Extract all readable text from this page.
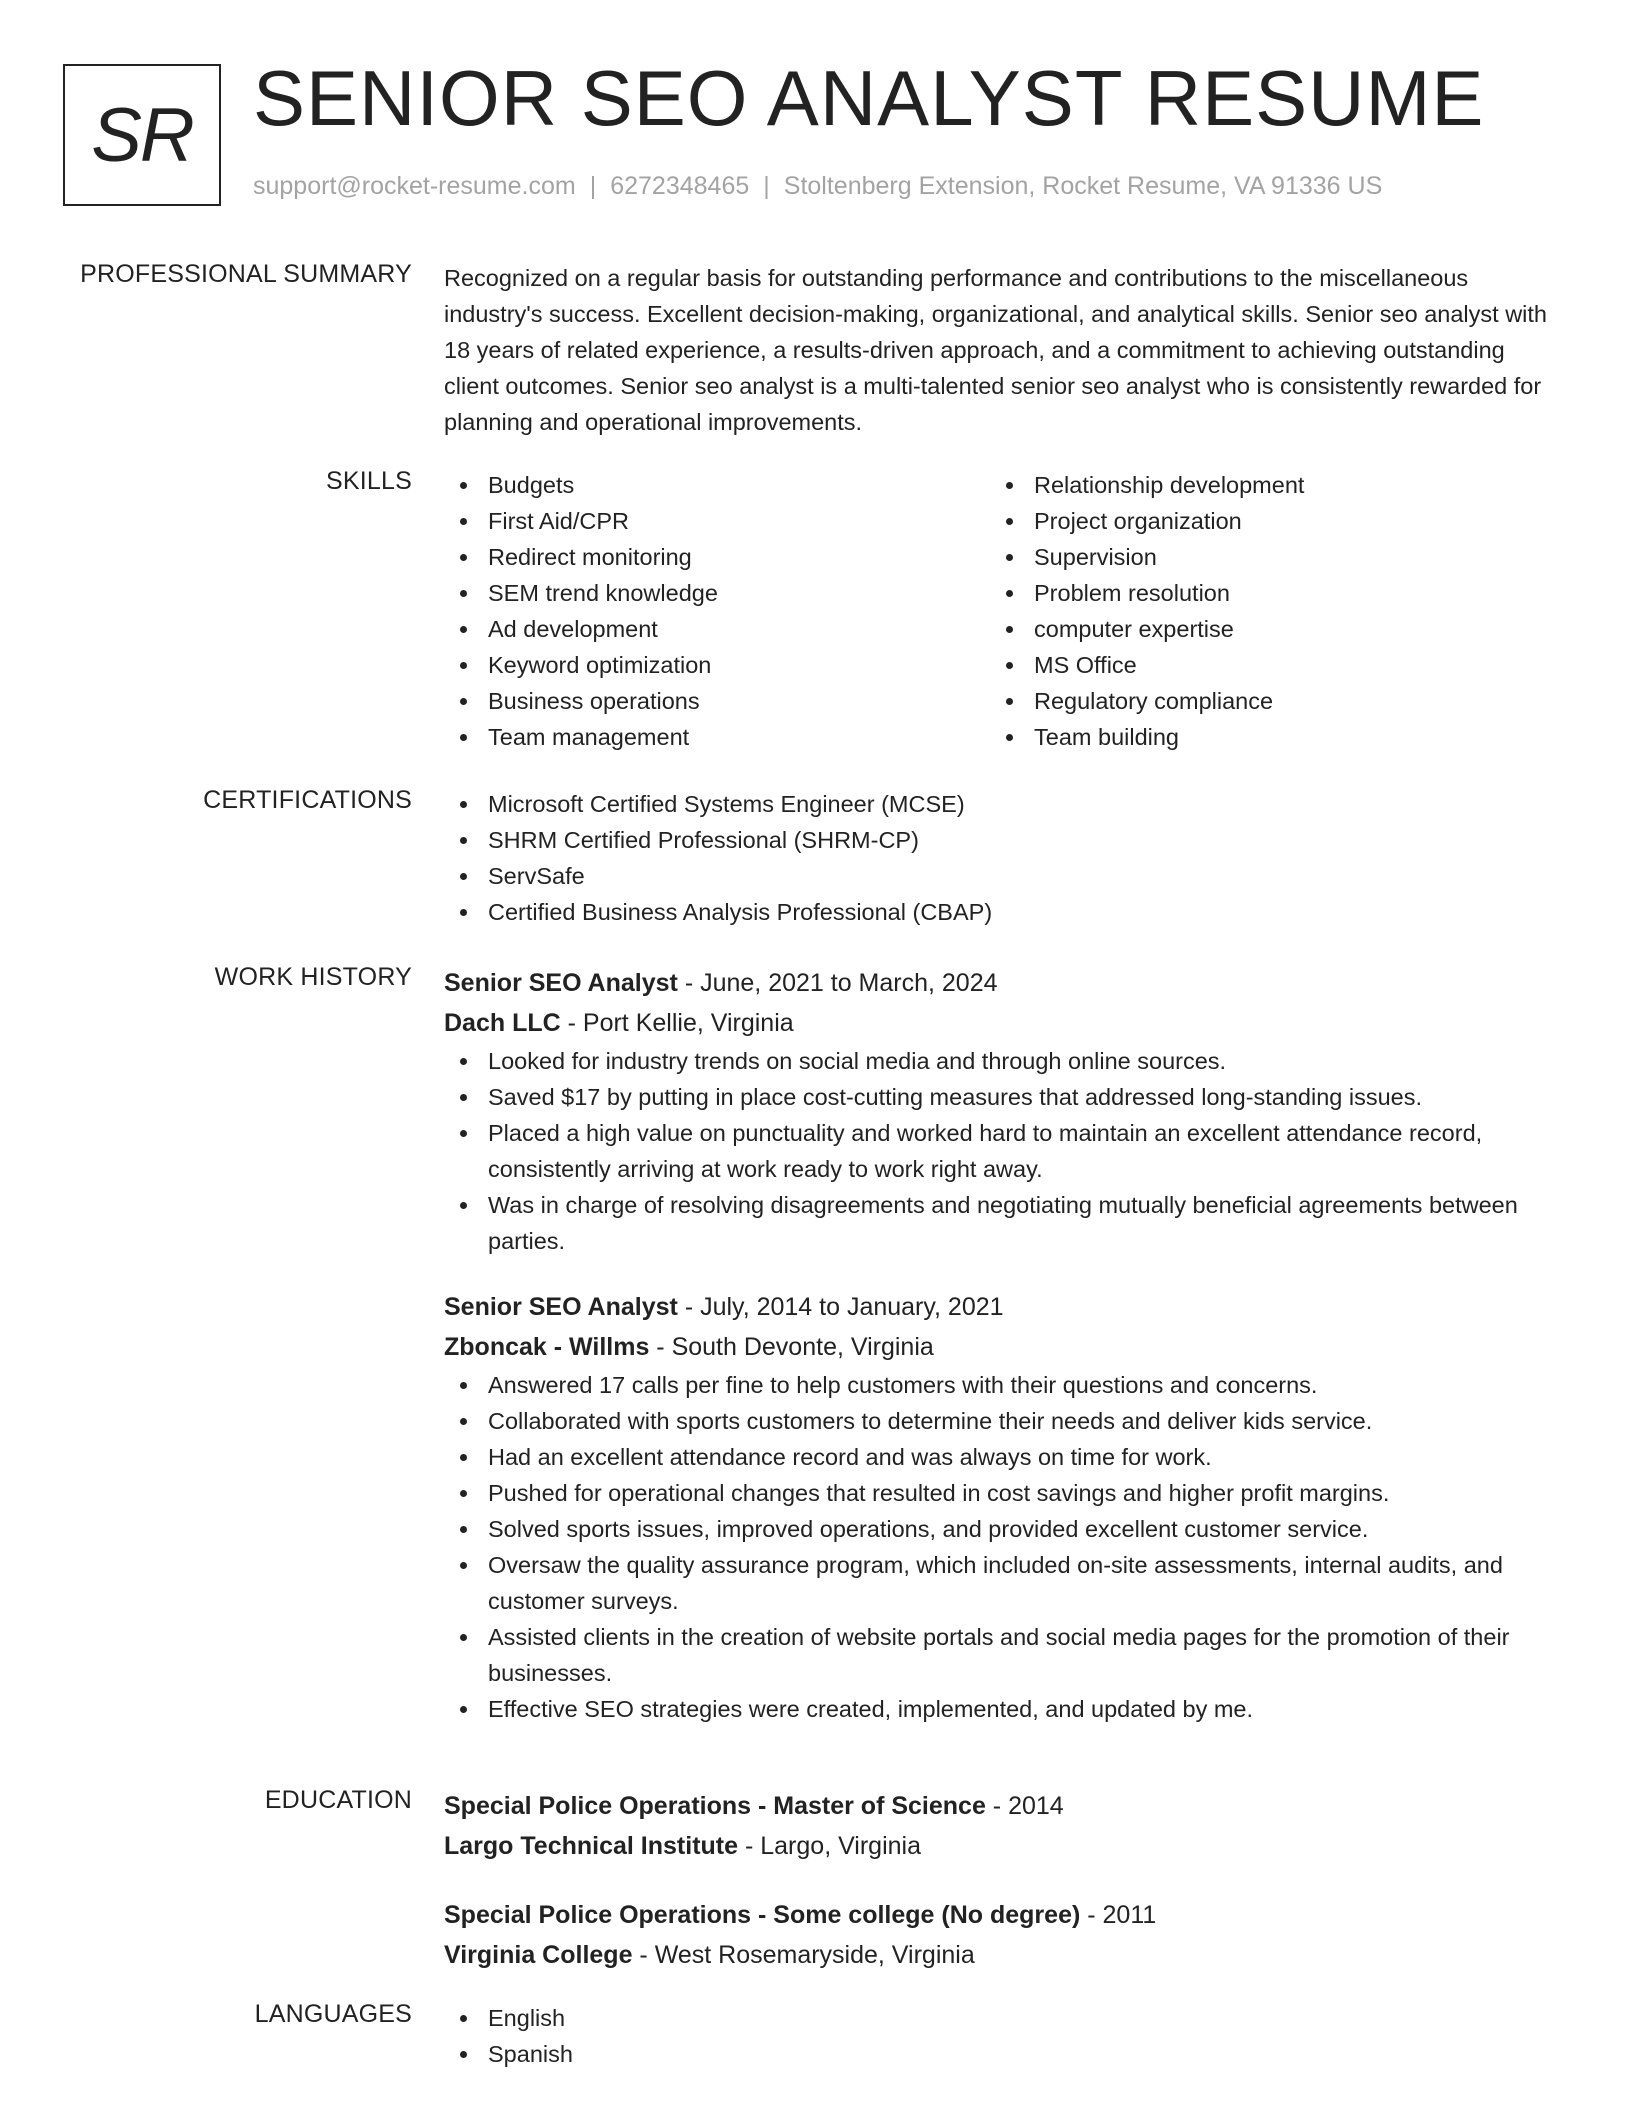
SR SENIOR SEO ANALYST RESUME
support@rocket-resume.com | 6272348465 | Stoltenberg Extension, Rocket Resume, VA 91336 US
PROFESSIONAL SUMMARY Recognized on a regular basis for outstanding performance and contributions to the miscellaneous industry's success. Excellent decision-making, organizational, and analytical skills. Senior seo analyst with 18 years of related experience, a results-driven approach, and a commitment to achieving outstanding client outcomes. Senior seo analyst is a multi-talented senior seo analyst who is consistently rewarded for planning and operational improvements.

SKILLS	Budgets
First Aid/CPR
Redirect monitoring
SEM trend knowledge
Ad development
Keyword optimization
Business operations
Team management
Relationship development
Project organization
Supervision
Problem resolution
computer expertise
MS Office
Regulatory compliance
Team building
CERTIFICATIONS	Microsoft Certified Systems Engineer (MCSE)
SHRM Certified Professional (SHRM-CP)
ServSafe
Certified Business Analysis Professional (CBAP)
WORK HISTORY Senior SEO Analyst - June, 2021 to March, 2024
Dach LLC - Port Kellie, Virginia
Looked for industry trends on social media and through online sources.
Saved $17 by putting in place cost-cutting measures that addressed long-standing issues.
Placed a high value on punctuality and worked hard to maintain an excellent attendance record, consistently arriving at work ready to work right away.
Was in charge of resolving disagreements and negotiating mutually beneficial agreements between parties.
Senior SEO Analyst - July, 2014 to January, 2021
Zboncak - Willms - South Devonte, Virginia
Answered 17 calls per fine to help customers with their questions and concerns.
Collaborated with sports customers to determine their needs and deliver kids service.
Had an excellent attendance record and was always on time for work.
Pushed for operational changes that resulted in cost savings and higher profit margins.
Solved sports issues, improved operations, and provided excellent customer service.
Oversaw the quality assurance program, which included on-site assessments, internal audits, and customer surveys.
Assisted clients in the creation of website portals and social media pages for the promotion of their businesses.
Effective SEO strategies were created, implemented, and updated by me.
EDUCATION Special Police Operations - Master of Science - 2014
Largo Technical Institute - Largo, Virginia
Special Police Operations - Some college (No degree) - 2011
Virginia College - West Rosemaryside, Virginia
LANGUAGES	English
Spanish
